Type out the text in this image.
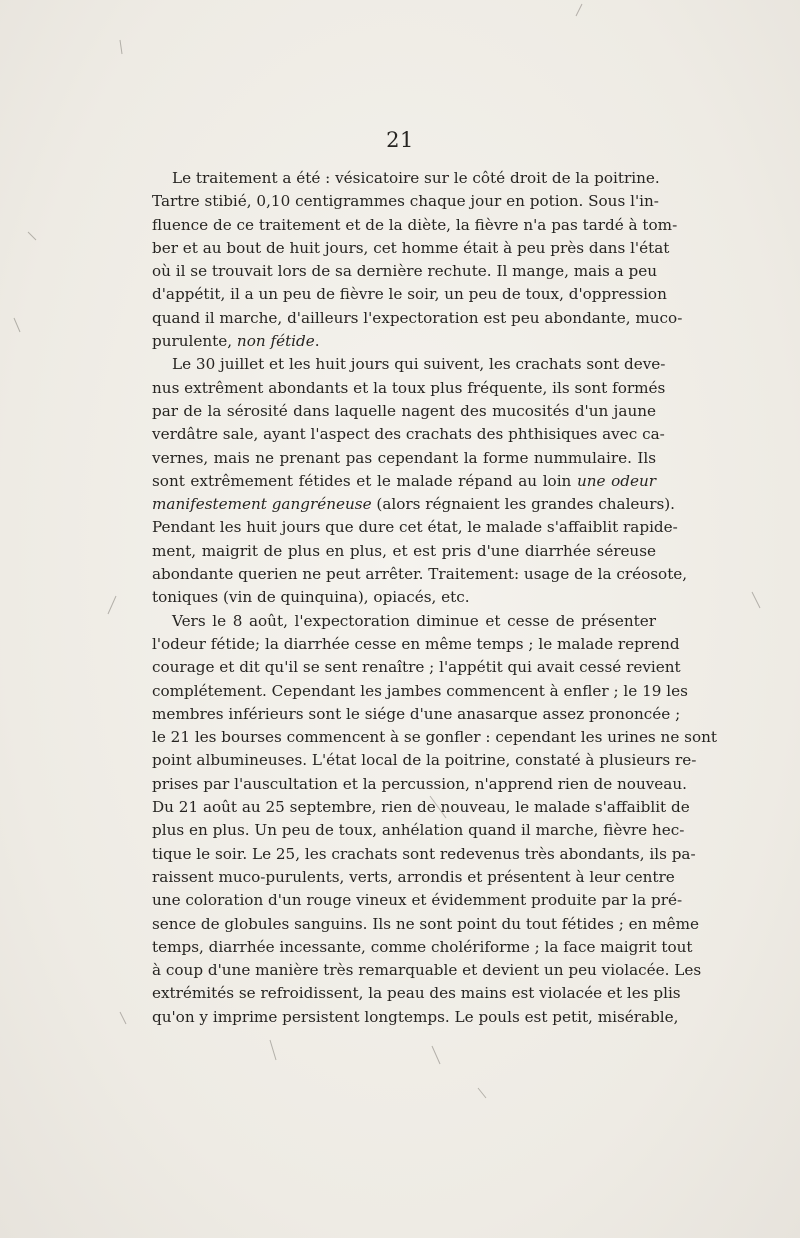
21

Le traitement a été : vésicatoire sur le côté droit de la poitrine.
Tartre stibié, 0,10 centigrammes chaque jour en potion. Sous l'in-
fluence de ce traitement et de la diète, la fièvre n'a pas tardé à tom-
ber et au bout de huit jours, cet homme était à peu près dans l'état
où il se trouvait lors de sa dernière rechute. Il mange, mais a peu
d'appétit, il a un peu de fièvre le soir, un peu de toux, d'oppression
quand il marche, d'ailleurs l'expectoration est peu abondante, muco-
purulente, non fétide.

Le 30 juillet et les huit jours qui suivent, les crachats sont deve-
nus extrêment abondants et la toux plus fréquente, ils sont formés
par de la sérosité dans laquelle nagent des mucosités d'un jaune
verdâtre sale, ayant l'aspect des crachats des phthisiques avec ca-
vernes, mais ne prenant pas cependant la forme nummulaire. Ils
sont extrêmement fétides et le malade répand au loin une odeur
manifestement gangréneuse (alors régnaient les grandes chaleurs).
Pendant les huit jours que dure cet état, le malade s'affaiblit rapide-
ment, maigrit de plus en plus, et est pris d'une diarrhée séreuse
abondante querien ne peut arrêter. Traitement: usage de la créosote,
toniques (vin de quinquina), opiacés, etc.

Vers le 8 août, l'expectoration diminue et cesse de présenter
l'odeur fétide; la diarrhée cesse en même temps ; le malade reprend
courage et dit qu'il se sent renaître ; l'appétit qui avait cessé revient
complétement. Cependant les jambes commencent à enfler ; le 19 les
membres inférieurs sont le siége d'une anasarque assez prononcée ;
le 21 les bourses commencent à se gonfler : cependant les urines ne sont
point albumineuses. L'état local de la poitrine, constaté à plusieurs re-
prises par l'auscultation et la percussion, n'apprend rien de nouveau.
Du 21 août au 25 septembre, rien de nouveau, le malade s'affaiblit de
plus en plus. Un peu de toux, anhélation quand il marche, fièvre hec-
tique le soir. Le 25, les crachats sont redevenus très abondants, ils pa-
raissent muco-purulents, verts, arrondis et présentent à leur centre
une coloration d'un rouge vineux et évidemment produite par la pré-
sence de globules sanguins. Ils ne sont point du tout fétides ; en même
temps, diarrhée incessante, comme cholériforme ; la face maigrit tout
à coup d'une manière très remarquable et devient un peu violacée. Les
extrémités se refroidissent, la peau des mains est violacée et les plis
qu'on y imprime persistent longtemps. Le pouls est petit, misérable,
